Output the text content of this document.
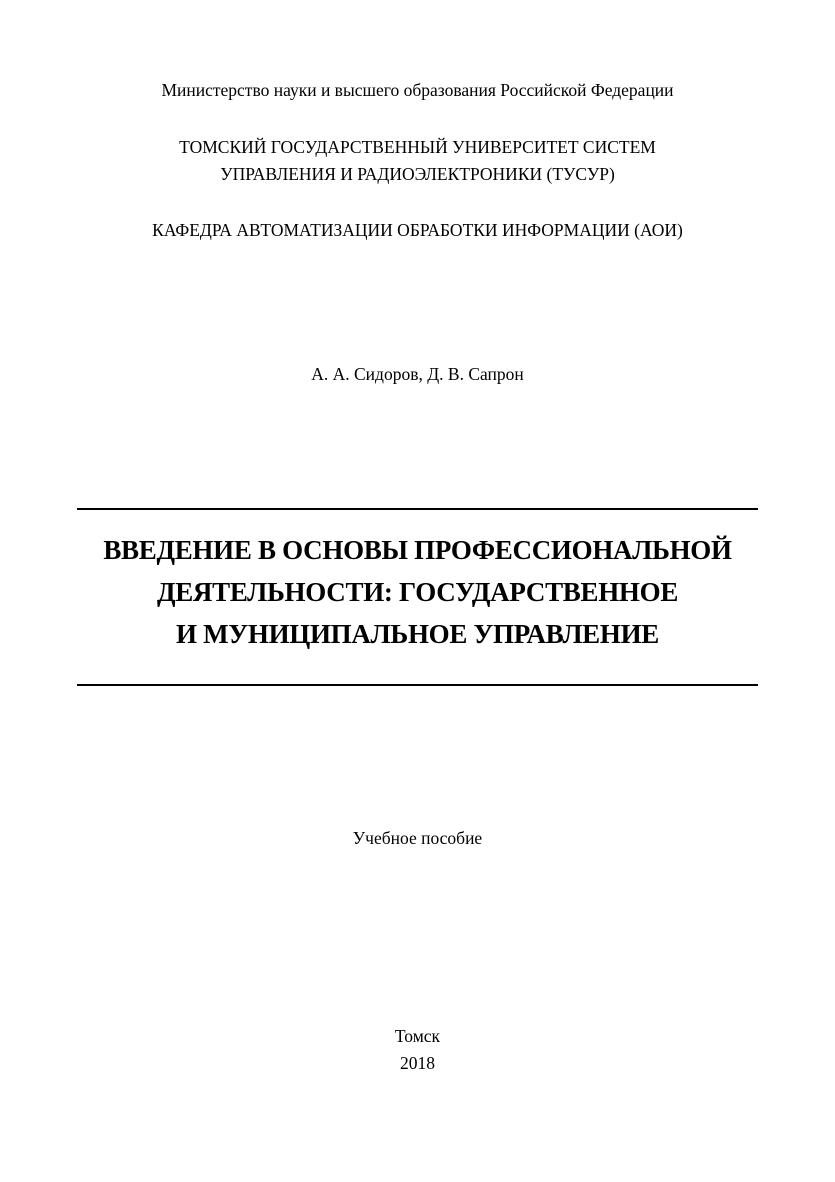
Министерство науки и высшего образования Российской Федерации
ТОМСКИЙ ГОСУДАРСТВЕННЫЙ УНИВЕРСИТЕТ СИСТЕМ
УПРАВЛЕНИЯ И РАДИОЭЛЕКТРОНИКИ (ТУСУР)
КАФЕДРА АВТОМАТИЗАЦИИ ОБРАБОТКИ ИНФОРМАЦИИ (АОИ)
А. А. Сидоров, Д. В. Сапрон
ВВЕДЕНИЕ В ОСНОВЫ ПРОФЕССИОНАЛЬНОЙ
ДЕЯТЕЛЬНОСТИ: ГОСУДАРСТВЕННОЕ
И МУНИЦИПАЛЬНОЕ УПРАВЛЕНИЕ
Учебное пособие
Томск
2018
